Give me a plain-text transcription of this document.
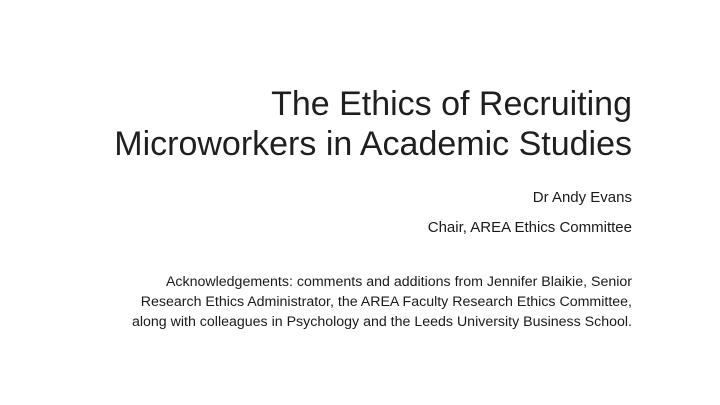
The Ethics of Recruiting
Microworkers in Academic Studies

Dr Andy Evans

Chair, AREA Ethics Committee

Acknowledgements: comments and additions from Jennifer Blaikie, Senior
Research Ethics Administrator, the AREA Faculty Research Ethics Committee,
along with colleagues in Psychology and the Leeds University Business School.
